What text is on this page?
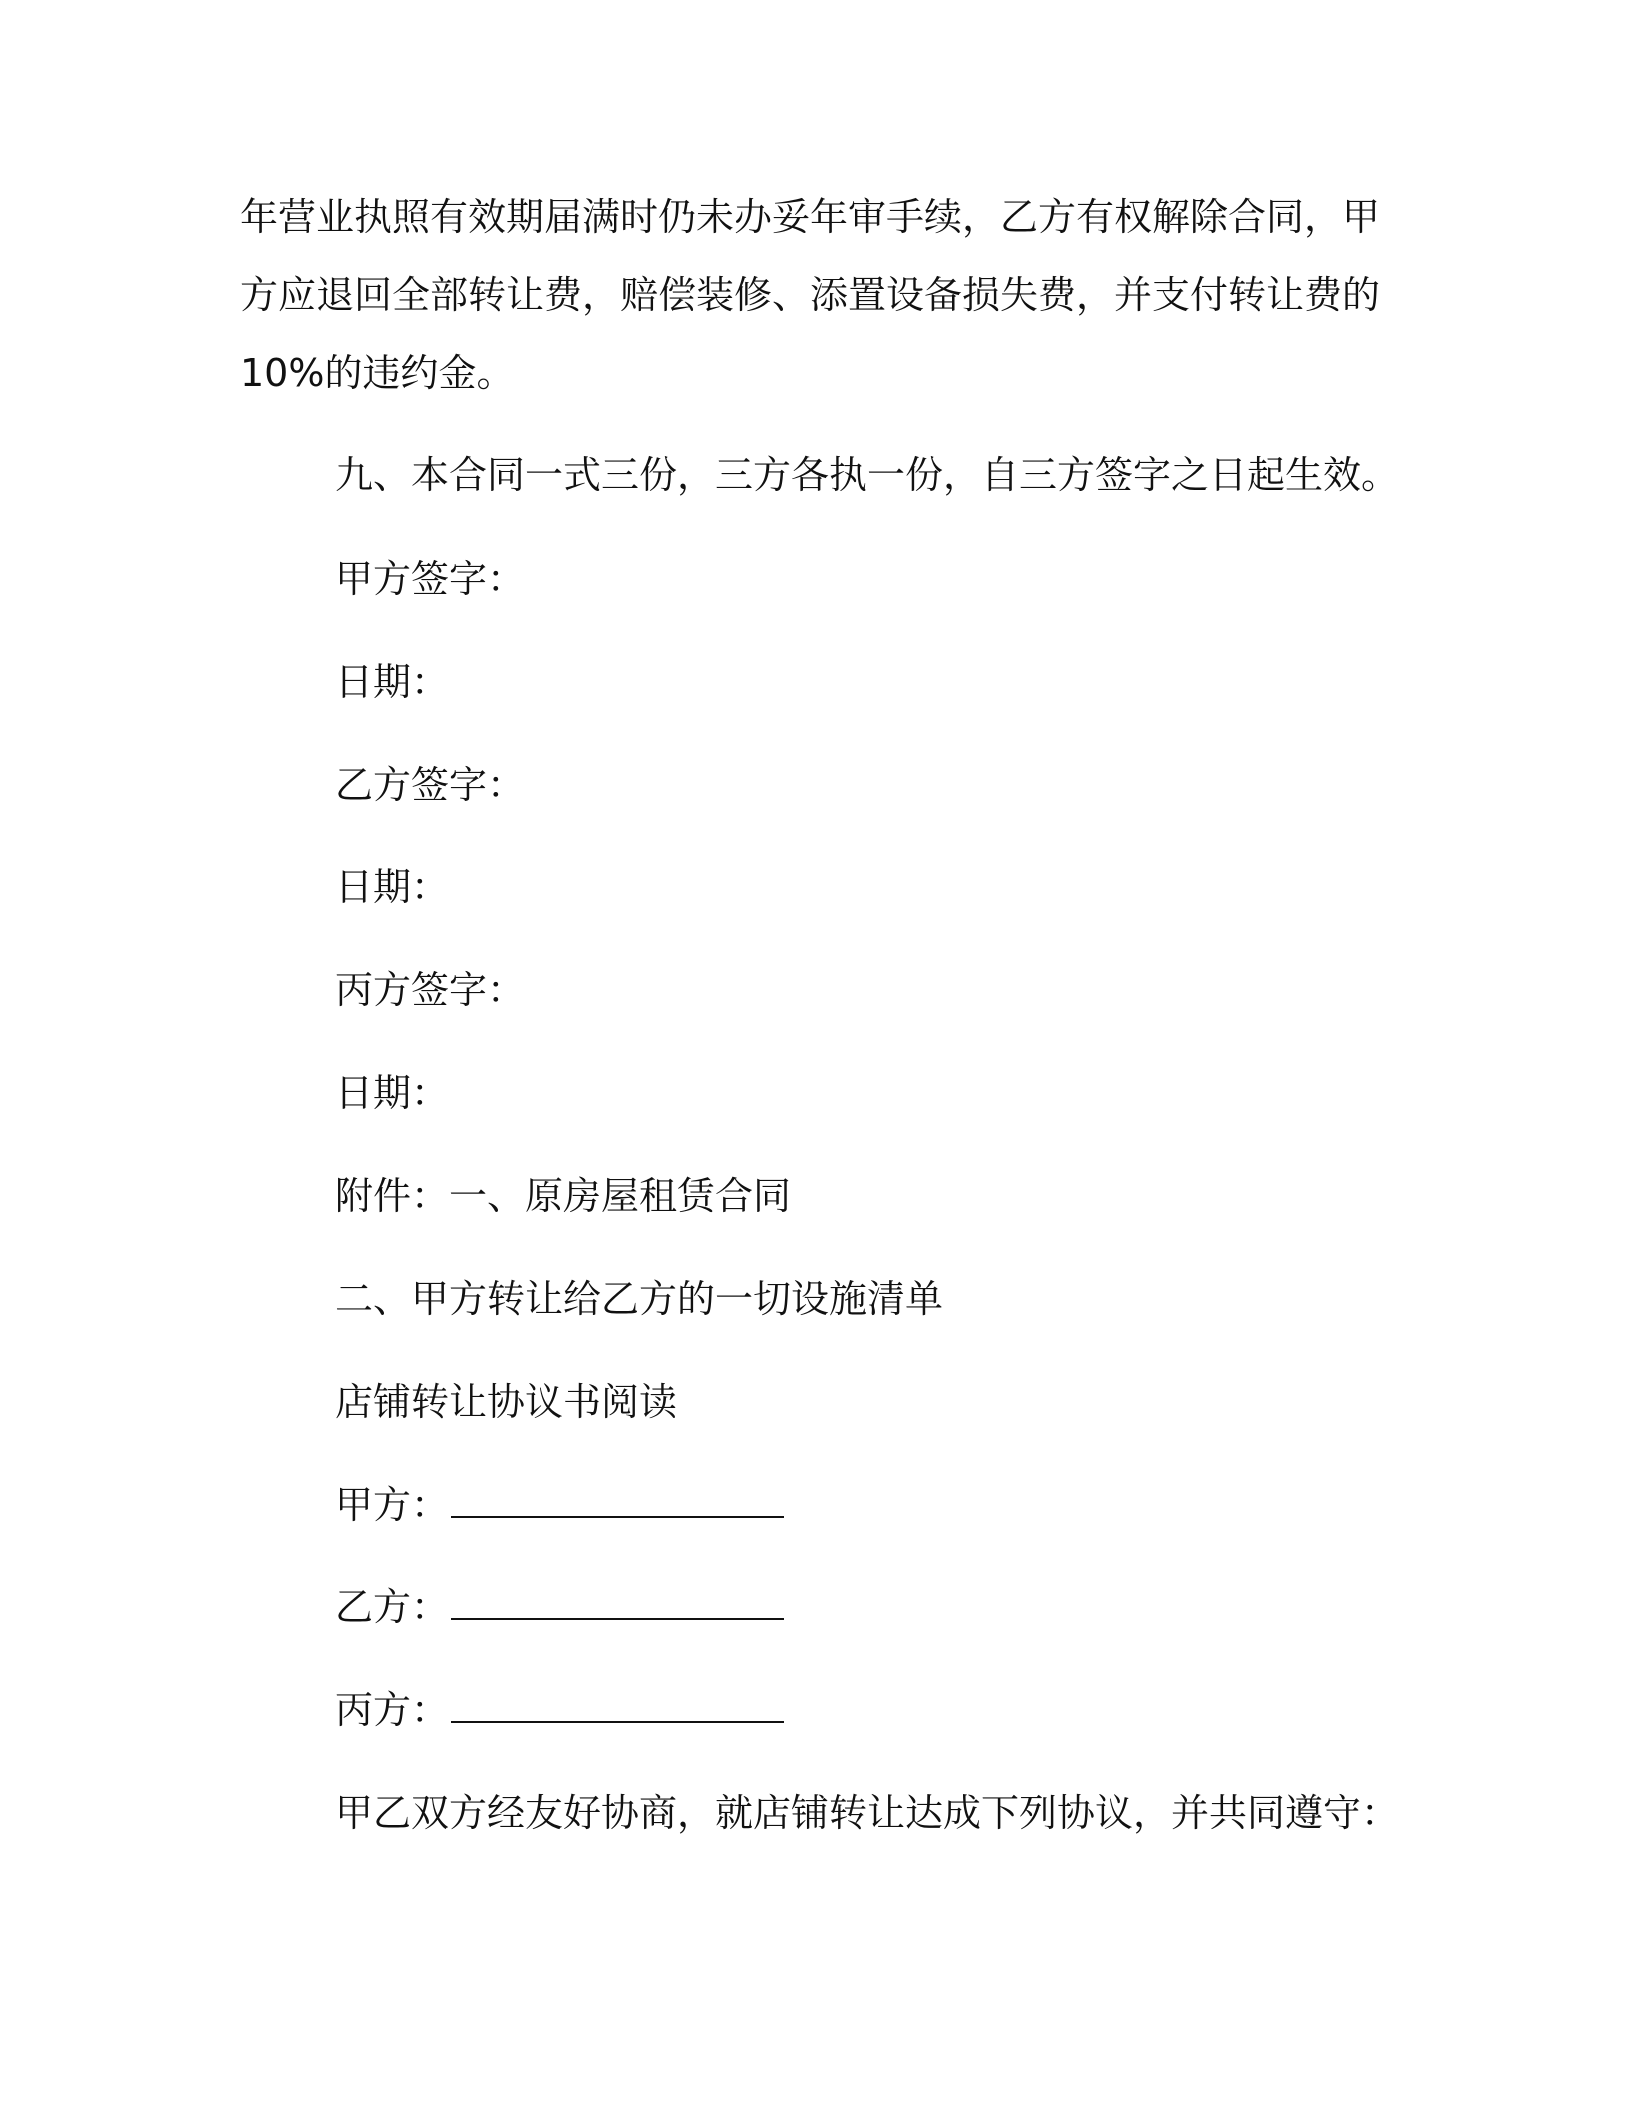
年营业执照有效期届满时仍未办妥年审手续，乙方有权解除合同，甲
方应退回全部转让费，赔偿装修、添置设备损失费，并支付转让费的
10%的违约金。

九、本合同一式三份，三方各执一份，自三方签字之日起生效。

甲方签字：

日期：

乙方签字：

日期：

丙方签字：

日期：

附件：一、原房屋租赁合同

二、甲方转让给乙方的一切设施清单

店铺转让协议书阅读

甲方：

乙方：

丙方：

甲乙双方经友好协商，就店铺转让达成下列协议，并共同遵守：
